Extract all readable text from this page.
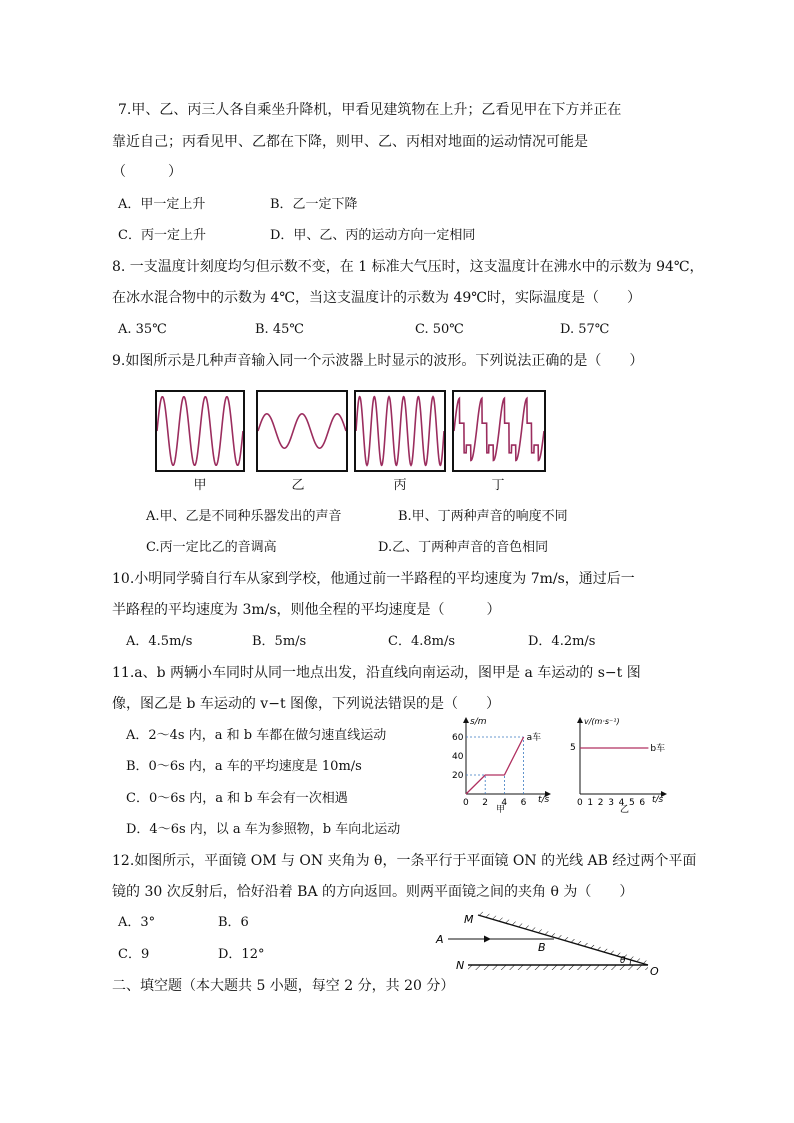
7.甲、乙、丙三人各自乘坐升降机，甲看见建筑物在上升；乙看见甲在下方并正在
靠近自己；丙看见甲、乙都在下降，则甲、乙、丙相对地面的运动情况可能是
（　　　）
A．甲一定上升	B．乙一定下降
C．丙一定上升	D．甲、乙、丙的运动方向一定相同
8. 一支温度计刻度均匀但示数不变，在 1 标准大气压时，这支温度计在沸水中的示数为 94℃，
在冰水混合物中的示数为 4℃，当这支温度计的示数为 49℃时，实际温度是（　　）
A. 35℃	B. 45℃	C. 50℃	D. 57℃
9.如图所示是几种声音输入同一个示波器上时显示的波形。下列说法正确的是（　　）
甲	乙	丙	丁
A.甲、乙是不同种乐器发出的声音	B.甲、丁两种声音的响度不同
C.丙一定比乙的音调高	D.乙、丁两种声音的音色相同
10.小明同学骑自行车从家到学校，他通过前一半路程的平均速度为 7m/s，通过后一
半路程的平均速度为 3m/s，则他全程的平均速度是（　　　）
A．4.5m/s	B．5m/s	C．4.8m/s	D．4.2m/s
11.a、b 两辆小车同时从同一地点出发，沿直线向南运动，图甲是 a 车运动的 s−t 图
像，图乙是 b 车运动的 v−t 图像，下列说法错误的是（　　）
A．2～4s 内，a 和 b 车都在做匀速直线运动
B．0～6s 内，a 车的平均速度是 10m/s
C．0～6s 内，a 和 b 车会有一次相遇
D．4～6s 内，以 a 车为参照物，b 车向北运动
60
40
20
0 2 4 6
s/m
t/s
a车
甲
0 1 2 3 4 5 6
5
v/(m·s⁻¹)
t/s
b车
乙
12.如图所示，平面镜 OM 与 ON 夹角为 θ，一条平行于平面镜 ON 的光线 AB 经过两个平面
镜的 30 次反射后，恰好沿着 BA 的方向返回。则两平面镜之间的夹角 θ 为（　　）
A．3°	B．6
C．9	D．12°
M
A
B
N	O
θ
二、填空题（本大题共 5 小题，每空 2 分，共 20 分）
